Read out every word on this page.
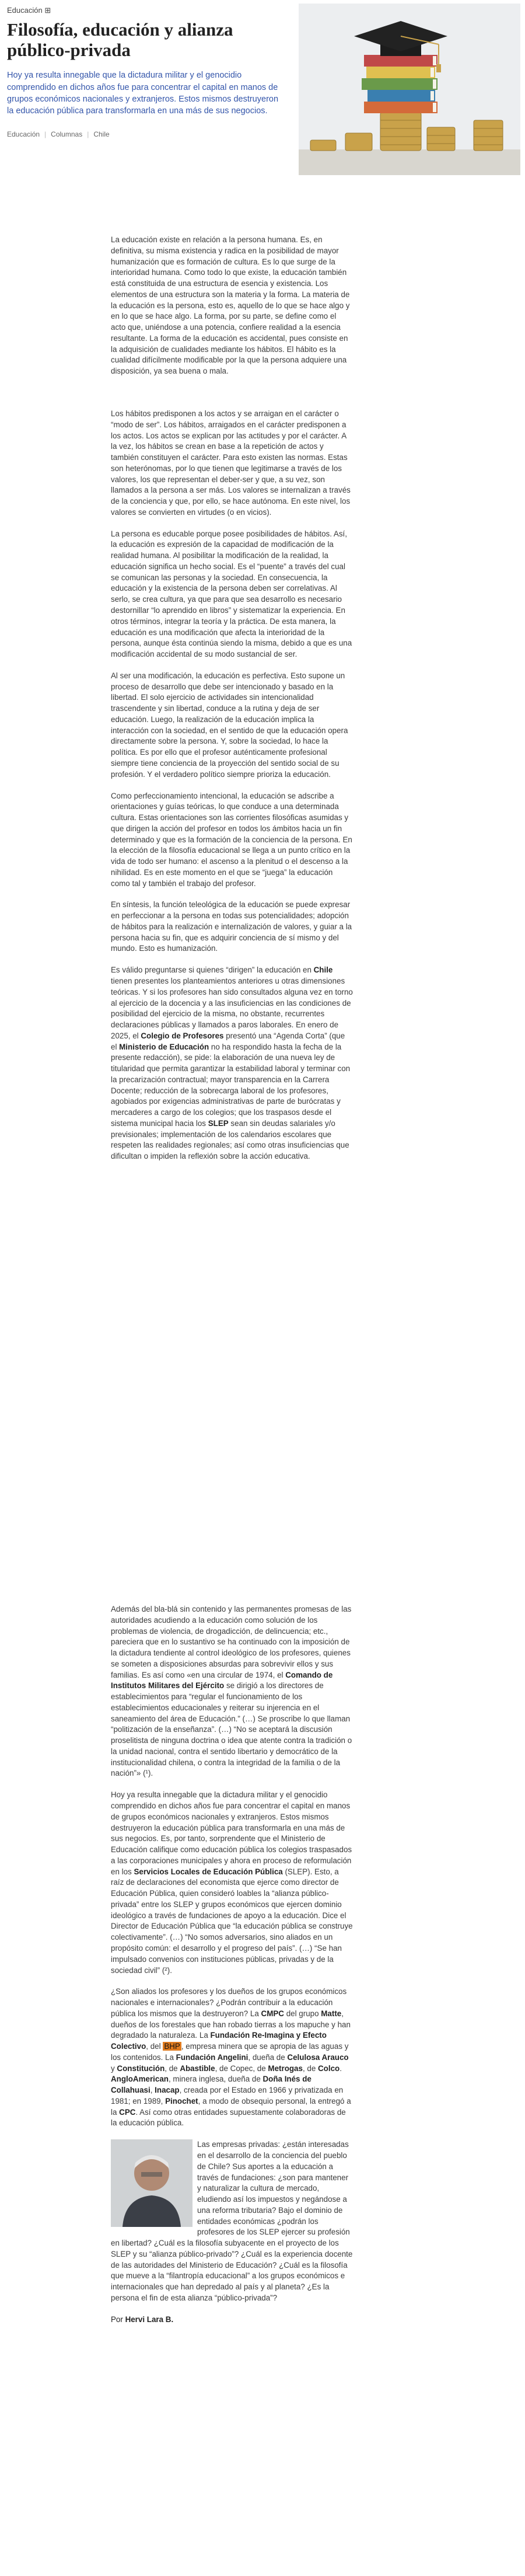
Educación ⊞
Filosofía, educación y alianza público-privada
Hoy ya resulta innegable que la dictadura militar y el genocidio comprendido en dichos años fue para concentrar el capital en manos de grupos económicos nacionales y extranjeros. Estos mismos destruyeron la educación pública para transformarla en una más de sus negocios.
Educación | Columnas | Chile

La educación existe en relación a la persona humana. Es, en definitiva, su misma existencia y radica en la posibilidad de mayor humanización que es formación de cultura. Es lo que surge de la interioridad humana. Como todo lo que existe, la educación también está constituida de una estructura de esencia y existencia. Los elementos de una estructura son la materia y la forma. La materia de la educación es la persona, esto es, aquello de lo que se hace algo y en lo que se hace algo. La forma, por su parte, se define como el acto que, uniéndose a una potencia, confiere realidad a la esencia resultante. La forma de la educación es accidental, pues consiste en la adquisición de cualidades mediante los hábitos. El hábito es la cualidad difícilmente modificable por la que la persona adquiere una disposición, ya sea buena o mala.

Los hábitos predisponen a los actos y se arraigan en el carácter o “modo de ser”. Los hábitos, arraigados en el carácter predisponen a los actos. Los actos se explican por las actitudes y por el carácter. A la vez, los hábitos se crean en base a la repetición de actos y también constituyen el carácter. Para esto existen las normas. Estas son heterónomas, por lo que tienen que legitimarse a través de los valores, los que representan el deber-ser y que, a su vez, son llamados a la persona a ser más. Los valores se internalizan a través de la conciencia y que, por ello, se hace autónoma. En este nivel, los valores se convierten en virtudes (o en vicios).

La persona es educable porque posee posibilidades de hábitos. Así, la educación es expresión de la capacidad de modificación de la realidad humana. Al posibilitar la modificación de la realidad, la educación significa un hecho social. Es el “puente” a través del cual se comunican las personas y la sociedad. En consecuencia, la educación y la existencia de la persona deben ser correlativas. Al serlo, se crea cultura, ya que para que sea desarrollo es necesario destornillar “lo aprendido en libros” y sistematizar la experiencia. En otros términos, integrar la teoría y la práctica. De esta manera, la educación es una modificación que afecta la interioridad de la persona, aunque ésta continúa siendo la misma, debido a que es una modificación accidental de su modo sustancial de ser.

Al ser una modificación, la educación es perfectiva. Esto supone un proceso de desarrollo que debe ser intencionado y basado en la libertad. El solo ejercicio de actividades sin intencionalidad trascendente y sin libertad, conduce a la rutina y deja de ser educación. Luego, la realización de la educación implica la interacción con la sociedad, en el sentido de que la educación opera directamente sobre la persona. Y, sobre la sociedad, lo hace la política. Es por ello que el profesor auténticamente profesional siempre tiene conciencia de la proyección del sentido social de su profesión. Y el verdadero político siempre prioriza la educación.

Como perfeccionamiento intencional, la educación se adscribe a orientaciones y guías teóricas, lo que conduce a una determinada cultura. Estas orientaciones son las corrientes filosóficas asumidas y que dirigen la acción del profesor en todos los ámbitos hacia un fin determinado y que es la formación de la conciencia de la persona. En la elección de la filosofía educacional se llega a un punto crítico en la vida de todo ser humano: el ascenso a la plenitud o el descenso a la nihilidad. Es en este momento en el que se “juega” la educación como tal y también el trabajo del profesor.

En síntesis, la función teleológica de la educación se puede expresar en perfeccionar a la persona en todas sus potencialidades; adopción de hábitos para la realización e internalización de valores, y guiar a la persona hacia su fin, que es adquirir conciencia de sí mismo y del mundo. Esto es humanización.

Es válido preguntarse si quienes “dirigen” la educación en Chile tienen presentes los planteamientos anteriores u otras dimensiones teóricas. Y si los profesores han sido consultados alguna vez en torno al ejercicio de la docencia y a las insuficiencias en las condiciones de posibilidad del ejercicio de la misma, no obstante, recurrentes declaraciones públicas y llamados a paros laborales. En enero de 2025, el Colegio de Profesores presentó una “Agenda Corta” (que el Ministerio de Educación no ha respondido hasta la fecha de la presente redacción), se pide: la elaboración de una nueva ley de titularidad que permita garantizar la estabilidad laboral y terminar con la precarización contractual; mayor transparencia en la Carrera Docente; reducción de la sobrecarga laboral de los profesores, agobiados por exigencias administrativas de parte de burócratas y mercaderes a cargo de los colegios; que los traspasos desde el sistema municipal hacia los SLEP sean sin deudas salariales y/o previsionales; implementación de los calendarios escolares que respeten las realidades regionales; así como otras insuficiencias que dificultan o impiden la reflexión sobre la acción educativa.

Además del bla-blá sin contenido y las permanentes promesas de las autoridades acudiendo a la educación como solución de los problemas de violencia, de drogadicción, de delincuencia; etc., pareciera que en lo sustantivo se ha continuado con la imposición de la dictadura tendiente al control ideológico de los profesores, quienes se someten a disposiciones absurdas para sobrevivir ellos y sus familias. Es así como «en una circular de 1974, el Comando de Institutos Militares del Ejército se dirigió a los directores de establecimientos para “regular el funcionamiento de los establecimientos educacionales y reiterar su injerencia en el saneamiento del área de Educación.” (…) Se proscribe lo que llaman “politización de la enseñanza”. (…) “No se aceptará la discusión proselitista de ninguna doctrina o idea que atente contra la tradición o la unidad nacional, contra el sentido libertario y democrático de la institucionalidad chilena, o contra la integridad de la familia o de la nación”» (¹).

Hoy ya resulta innegable que la dictadura militar y el genocidio comprendido en dichos años fue para concentrar el capital en manos de grupos económicos nacionales y extranjeros. Estos mismos destruyeron la educación pública para transformarla en una más de sus negocios. Es, por tanto, sorprendente que el Ministerio de Educación califique como educación pública los colegios traspasados a las corporaciones municipales y ahora en proceso de reformulación en los Servicios Locales de Educación Pública (SLEP). Esto, a raíz de declaraciones del economista que ejerce como director de Educación Pública, quien consideró loables la “alianza público-privada” entre los SLEP y grupos económicos que ejercen dominio ideológico a través de fundaciones de apoyo a la educación. Dice el Director de Educación Pública que “la educación pública se construye colectivamente”. (…) “No somos adversarios, sino aliados en un propósito común: el desarrollo y el progreso del país”. (…) “Se han impulsado convenios con instituciones públicas, privadas y de la sociedad civil” (²).

¿Son aliados los profesores y los dueños de los grupos económicos nacionales e internacionales? ¿Podrán contribuir a la educación pública los mismos que la destruyeron? La CMPC del grupo Matte, dueños de los forestales que han robado tierras a los mapuche y han degradado la naturaleza. La Fundación Re-Imagina y Efecto Colectivo, del BHP , empresa minera que se apropia de las aguas y los contenidos. La Fundación Angelini, dueña de Celulosa Arauco y Constitución, de Abastible, de Copec, de Metrogas, de Colco. AngloAmerican, minera inglesa, dueña de Doña Inés de Collahuasi, Inacap, creada por el Estado en 1966 y privatizada en 1981; en 1989, Pinochet, a modo de obsequio personal, la entregó a la CPC. Así como otras entidades supuestamente colaboradoras de la educación pública.

Las empresas privadas: ¿están interesadas en el desarrollo de la conciencia del pueblo de Chile? Sus aportes a la educación a través de fundaciones: ¿son para mantener y naturalizar la cultura de mercado, eludiendo así los impuestos y negándose a una reforma tributaria? Bajo el dominio de entidades económicas ¿podrán los profesores de los SLEP ejercer su profesión en libertad? ¿Cuál es la filosofía subyacente en el proyecto de los SLEP y su “alianza público-privado”? ¿Cuál es la experiencia docente de las autoridades del Ministerio de Educación? ¿Cuál es la filosofía que mueve a la “filantropía educacional” a los grupos económicos e internacionales que han depredado al país y al planeta? ¿Es la persona el fin de esta alianza “público-privada”?

Por Hervi Lara B.
